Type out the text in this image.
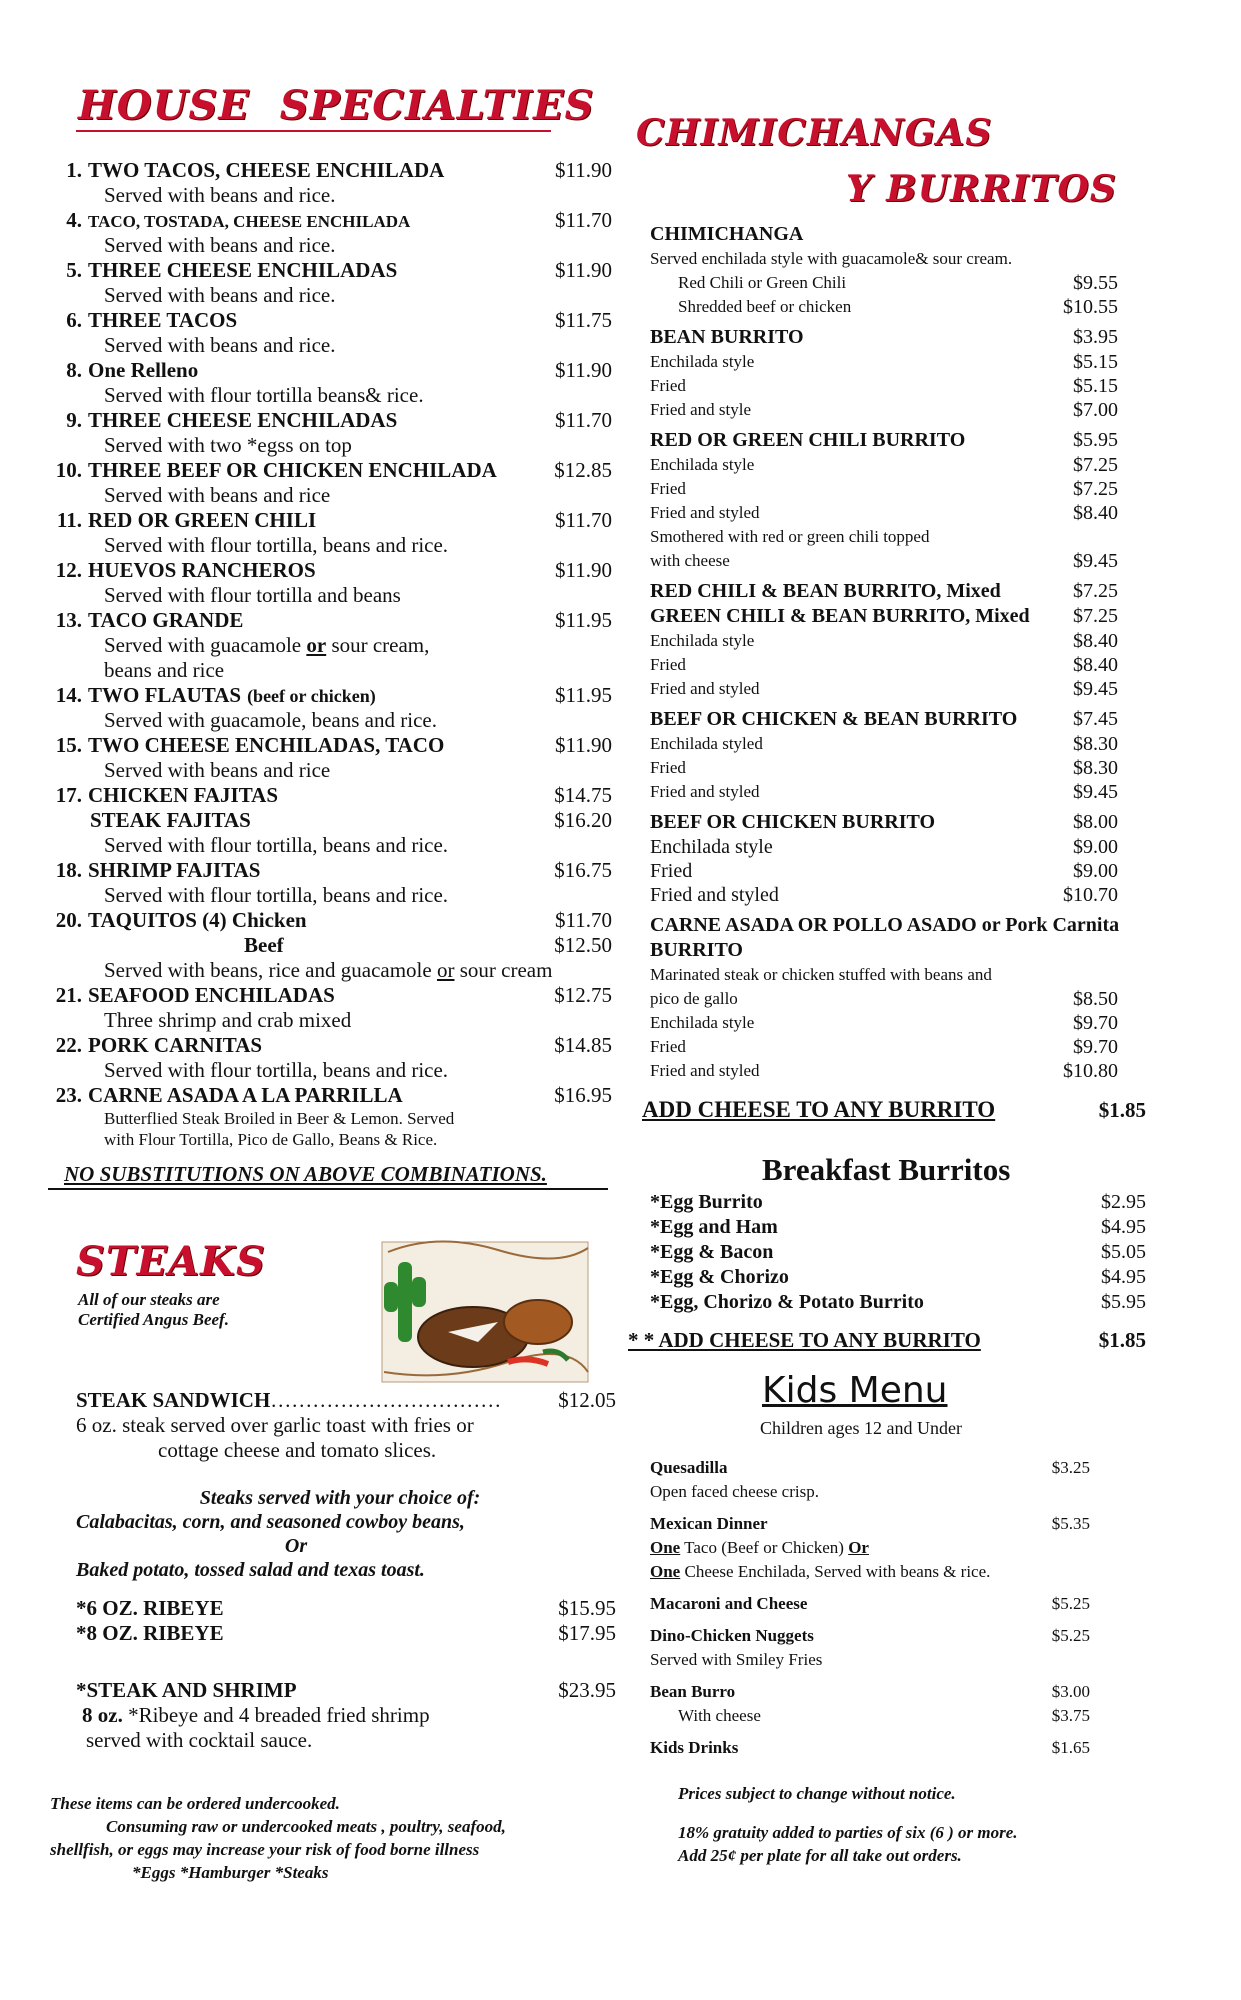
HOUSE  SPECIALTIES
1. TWO TACOS, CHEESE ENCHILADA	$11.90
Served with beans and rice.
4. TACO, TOSTADA, CHEESE ENCHILADA	$11.70
Served with beans and rice.
5. THREE CHEESE ENCHILADAS	$11.90
Served with beans and rice.
6. THREE TACOS	$11.75
Served with beans and rice.
8. One Relleno	$11.90
Served with flour tortilla beans& rice.
9. THREE CHEESE ENCHILADAS	$11.70
Served with two *egss on top
10. THREE BEEF OR CHICKEN ENCHILADA	$12.85
Served with beans and rice
11. RED OR GREEN CHILI	$11.70
Served with flour tortilla, beans and rice.
12. HUEVOS RANCHEROS	$11.90
Served with flour tortilla and beans
13. TACO GRANDE	$11.95
Served with guacamole or sour cream,
beans and rice
14. TWO FLAUTAS (beef or chicken)	$11.95
Served with guacamole, beans and rice.
15. TWO CHEESE ENCHILADAS, TACO	$11.90
Served with beans and rice
17. CHICKEN FAJITAS	$14.75
STEAK FAJITAS	$16.20
Served with flour tortilla, beans and rice.
18. SHRIMP FAJITAS	$16.75
Served with flour tortilla, beans and rice.
20. TAQUITOS (4) Chicken	$11.70
Beef	$12.50
Served with beans, rice and guacamole or sour cream
21. SEAFOOD ENCHILADAS	$12.75
Three shrimp and crab mixed
22. PORK CARNITAS	$14.85
Served with flour tortilla, beans and rice.
23. CARNE ASADA A LA PARRILLA	$16.95
Butterflied Steak Broiled in Beer & Lemon. Served
with Flour Tortilla, Pico de Gallo, Beans & Rice.
NO SUBSTITUTIONS ON ABOVE COMBINATIONS.
STEAKS
All of our steaks are
Certified Angus Beef.
STEAK SANDWICH……………………………	$12.05
6 oz. steak served over garlic toast with fries or
cottage cheese and tomato slices.
Steaks served with your choice of:
Calabacitas, corn, and seasoned cowboy beans,
Or
Baked potato, tossed salad and texas toast.
*6 OZ. RIBEYE	$15.95
*8 OZ. RIBEYE	$17.95
*STEAK AND SHRIMP	$23.95
8 oz. *Ribeye and 4 breaded fried shrimp
served with cocktail sauce.
These items can be ordered undercooked.
Consuming raw or undercooked meats , poultry, seafood,
shellfish, or eggs may increase your risk of food borne illness
*Eggs *Hamburger *Steaks
CHIMICHANGAS
Y BURRITOS
CHIMICHANGA
Served enchilada style with guacamole& sour cream.
Red Chili or Green Chili	$9.55
Shredded beef or chicken	$10.55
BEAN BURRITO	$3.95
Enchilada style	$5.15
Fried	$5.15
Fried and style	$7.00
RED OR GREEN CHILI BURRITO	$5.95
Enchilada style	$7.25
Fried	$7.25
Fried and styled	$8.40
Smothered with red or green chili topped
with cheese	$9.45
RED CHILI & BEAN BURRITO, Mixed	$7.25
GREEN CHILI & BEAN BURRITO, Mixed $7.25
Enchilada style	$8.40
Fried	$8.40
Fried and styled	$9.45
BEEF OR CHICKEN & BEAN BURRITO	$7.45
Enchilada styled	$8.30
Fried	$8.30
Fried and styled	$9.45
BEEF OR CHICKEN BURRITO	$8.00
Enchilada style	$9.00
Fried	$9.00
Fried and styled	$10.70
CARNE ASADA OR POLLO ASADO or Pork Carnita
BURRITO
Marinated steak or chicken stuffed with beans and
pico de gallo	$8.50
Enchilada style	$9.70
Fried	$9.70
Fried and styled	$10.80
ADD CHEESE TO ANY BURRITO	$1.85
Breakfast Burritos
*Egg Burrito	$2.95
*Egg and Ham	$4.95
*Egg & Bacon	$5.05
*Egg & Chorizo	$4.95
*Egg, Chorizo & Potato Burrito	$5.95
* * ADD CHEESE TO ANY BURRITO	$1.85
Kids Menu
Children ages 12 and Under
Quesadilla	$3.25
Open faced cheese crisp.
Mexican Dinner	$5.35
One Taco (Beef or Chicken) Or
One Cheese Enchilada, Served with beans & rice.
Macaroni and Cheese	$5.25
Dino-Chicken Nuggets	$5.25
Served with Smiley Fries
Bean Burro	$3.00
With cheese	$3.75
Kids Drinks	$1.65
Prices subject to change without notice.
18% gratuity added to parties of six (6 ) or more.
Add 25¢ per plate for all take out orders.
